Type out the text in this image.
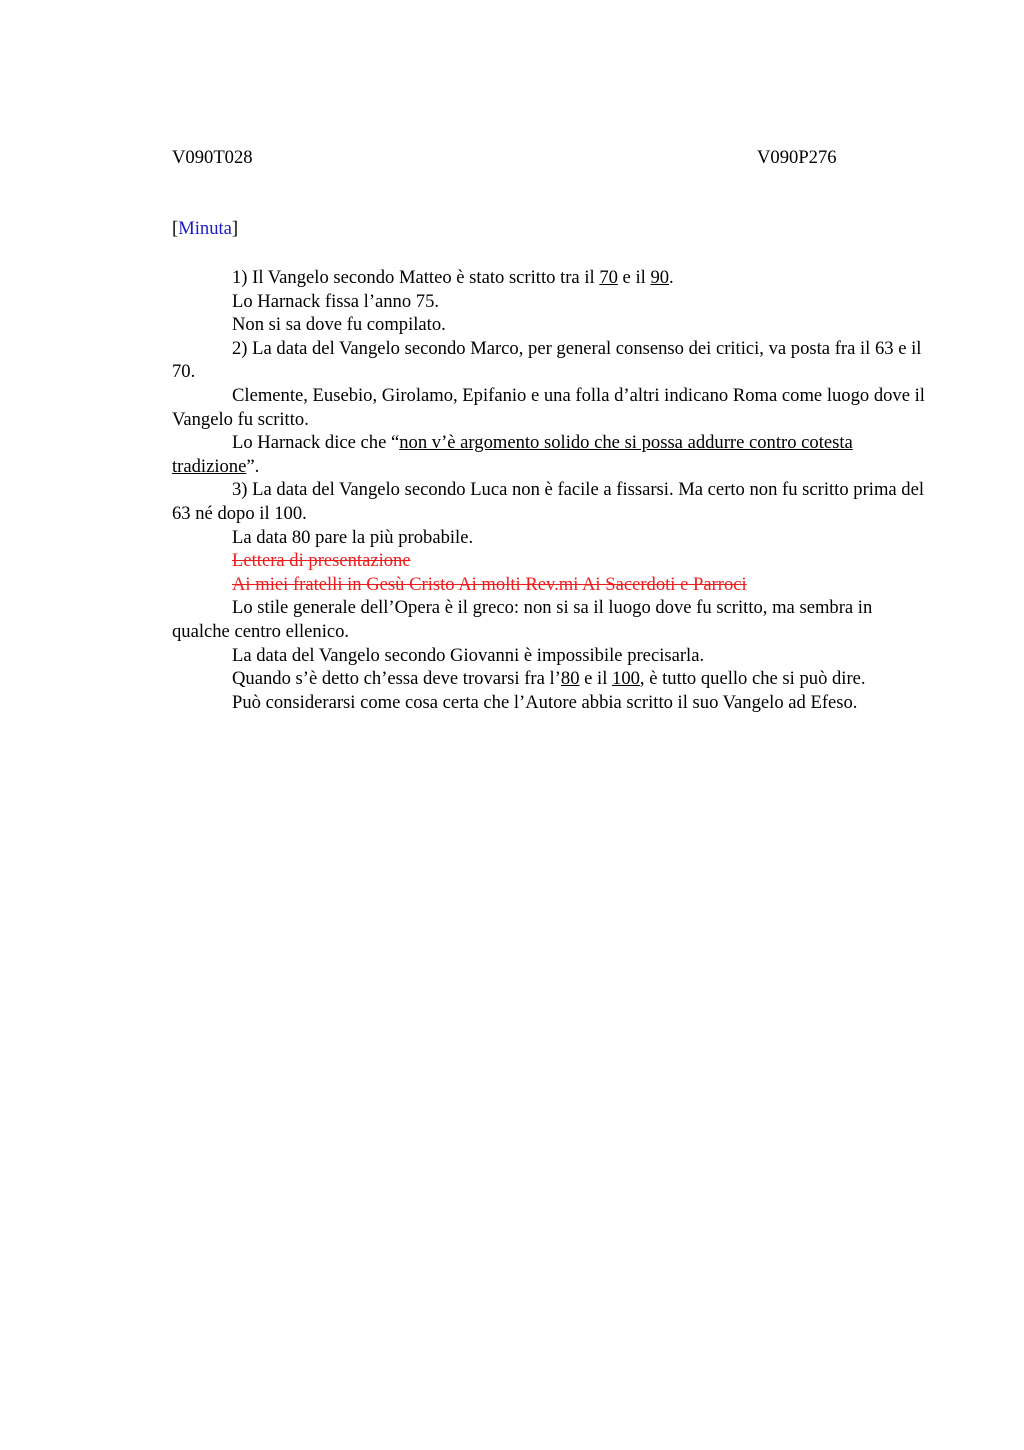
V090T028	V090P276
[Minuta]

1) Il Vangelo secondo Matteo è stato scritto tra il 70 e il 90.

Lo Harnack fissa l’anno 75.

Non si sa dove fu compilato.

2) La data del Vangelo secondo Marco, per general consenso dei critici, va posta fra il 63 e il 70.

Clemente, Eusebio, Girolamo, Epifanio e una folla d’altri indicano Roma come luogo dove il Vangelo fu scritto.

Lo Harnack dice che “non v’è argomento solido che si possa addurre contro cotesta tradizione”.

3) La data del Vangelo secondo Luca non è facile a fissarsi. Ma certo non fu scritto prima del 63 né dopo il 100.

La data 80 pare la più probabile.

Lettera di presentazione

Ai miei fratelli in Gesù Cristo Ai molti Rev.mi Ai Sacerdoti e Parroci

Lo stile generale dell’Opera è il greco: non si sa il luogo dove fu scritto, ma sembra in qualche centro ellenico.

La data del Vangelo secondo Giovanni è impossibile precisarla.

Quando s’è detto ch’essa deve trovarsi fra l’80 e il 100, è tutto quello che si può dire.

Può considerarsi come cosa certa che l’Autore abbia scritto il suo Vangelo ad Efeso.
